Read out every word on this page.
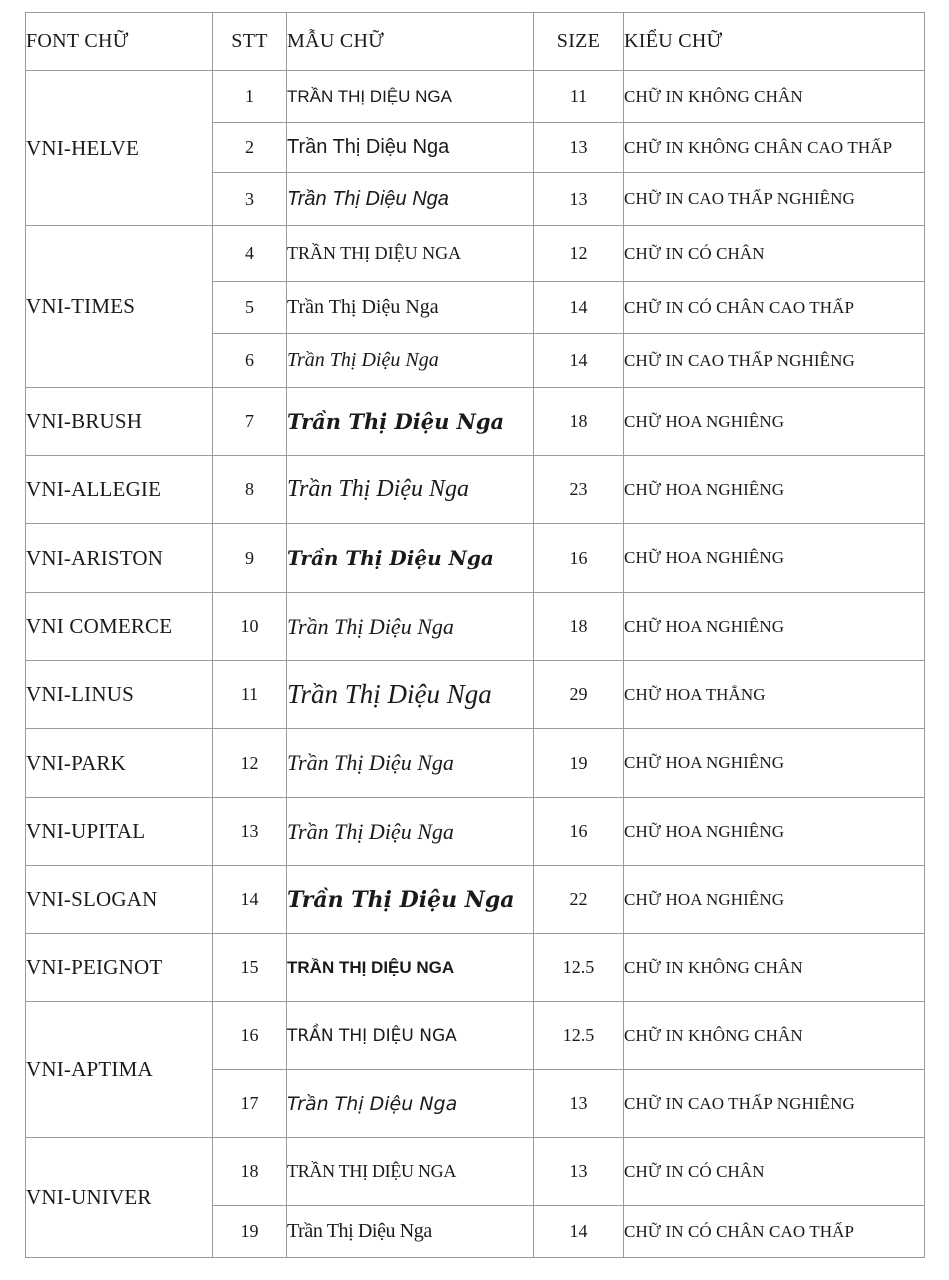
FONT CHỮ	STT	MẪU CHỮ	SIZE	KIỂU CHỮ
VNI-HELVE	1	TRẦN THỊ DIỆU NGA	11	CHỮ IN KHÔNG CHÂN
	2	Trần Thị Diệu Nga	13	CHỮ IN KHÔNG CHÂN CAO THẤP
	3	Trần Thị Diệu Nga	13	CHỮ IN CAO THẤP NGHIÊNG
VNI-TIMES	4	TRẦN THỊ DIỆU NGA	12	CHỮ IN CÓ CHÂN
	5	Trần Thị Diệu Nga	14	CHỮ IN CÓ CHÂN CAO THẤP
	6	Trần Thị Diệu Nga	14	CHỮ IN CAO THẤP NGHIÊNG
VNI-BRUSH	7	Trần Thị Diệu Nga	18	CHỮ HOA NGHIÊNG
VNI-ALLEGIE	8	Trần Thị Diệu Nga	23	CHỮ HOA NGHIÊNG
VNI-ARISTON	9	Trần Thị Diệu Nga	16	CHỮ HOA NGHIÊNG
VNI COMERCE	10	Trần Thị Diệu Nga	18	CHỮ HOA NGHIÊNG
VNI-LINUS	11	Trần Thị Diệu Nga	29	CHỮ HOA THẲNG
VNI-PARK	12	Trần Thị Diệu Nga	19	CHỮ HOA NGHIÊNG
VNI-UPITAL	13	Trần Thị Diệu Nga	16	CHỮ HOA NGHIÊNG
VNI-SLOGAN	14	Trần Thị Diệu Nga	22	CHỮ HOA NGHIÊNG
VNI-PEIGNOT	15	TRẦN THỊ DIỆU NGA	12.5	CHỮ IN KHÔNG CHÂN
VNI-APTIMA	16	TRẦN THỊ DIỆU NGA	12.5	CHỮ IN KHÔNG CHÂN
	17	Trần Thị Diệu Nga	13	CHỮ IN CAO THẤP NGHIÊNG
VNI-UNIVER	18	TRẦN THỊ DIỆU NGA	13	CHỮ IN CÓ CHÂN
	19	Trần Thị Diệu Nga	14	CHỮ IN CÓ CHÂN CAO THẤP
